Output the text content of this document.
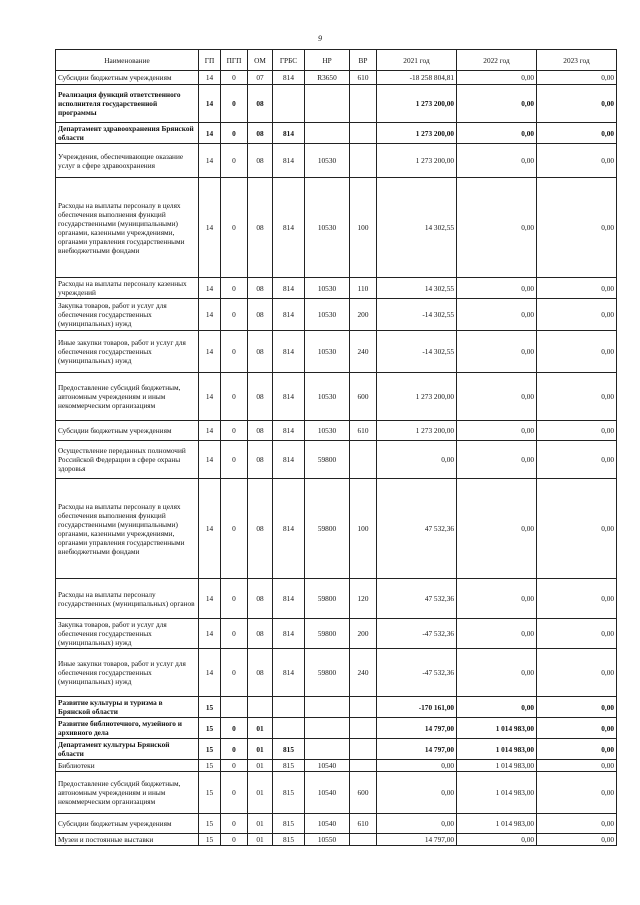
9
Наименование	ГП	ПГП	ОМ	ГРБС	НР	ВР	2021 год	2022 год	2023 год
Субсидии бюджетным учреждениям	14	0	07	814	R3650	610	-18 258 804,81	0,00	0,00
Реализация функций ответственного исполнителя государственной программы	14	0	08				1 273 200,00	0,00	0,00
Департамент здравоохранения Брянской области	14	0	08	814			1 273 200,00	0,00	0,00
Учреждения, обеспечивающие оказание услуг в сфере здравоохранения	14	0	08	814	10530		1 273 200,00	0,00	0,00
Расходы на выплаты персоналу в целях обеспечения выполнения функций государственными (муниципальными) органами, казенными учреждениями, органами управления государственными внебюджетными фондами	14	0	08	814	10530	100	14 302,55	0,00	0,00
Расходы на выплаты персоналу казенных учреждений	14	0	08	814	10530	110	14 302,55	0,00	0,00
Закупка товаров, работ и услуг для обеспечения государственных (муниципальных) нужд	14	0	08	814	10530	200	-14 302,55	0,00	0,00
Иные закупки товаров, работ и услуг для обеспечения государственных (муниципальных) нужд	14	0	08	814	10530	240	-14 302,55	0,00	0,00
Предоставление субсидий бюджетным, автономным учреждениям и иным некоммерческим организациям	14	0	08	814	10530	600	1 273 200,00	0,00	0,00
Субсидии бюджетным учреждениям	14	0	08	814	10530	610	1 273 200,00	0,00	0,00
Осуществление переданных полномочий Российской Федерации в сфере охраны здоровья	14	0	08	814	59800		0,00	0,00	0,00
Расходы на выплаты персоналу в целях обеспечения выполнения функций государственными (муниципальными) органами, казенными учреждениями, органами управления государственными внебюджетными фондами	14	0	08	814	59800	100	47 532,36	0,00	0,00
Расходы на выплаты персоналу государственных (муниципальных) органов	14	0	08	814	59800	120	47 532,36	0,00	0,00
Закупка товаров, работ и услуг для обеспечения государственных (муниципальных) нужд	14	0	08	814	59800	200	-47 532,36	0,00	0,00
Иные закупки товаров, работ и услуг для обеспечения государственных (муниципальных) нужд	14	0	08	814	59800	240	-47 532,36	0,00	0,00
Развитие культуры и туризма в Брянской области	15						-170 161,00	0,00	0,00
Развитие библиотечного, музейного и архивного дела	15	0	01				14 797,00	1 014 983,00	0,00
Департамент культуры Брянской области	15	0	01	815			14 797,00	1 014 983,00	0,00
Библиотеки	15	0	01	815	10540		0,00	1 014 983,00	0,00
Предоставление субсидий бюджетным, автономным учреждениям и иным некоммерческим организациям	15	0	01	815	10540	600	0,00	1 014 983,00	0,00
Субсидии бюджетным учреждениям	15	0	01	815	10540	610	0,00	1 014 983,00	0,00
Музеи и постоянные выставки	15	0	01	815	10550		14 797,00	0,00	0,00
